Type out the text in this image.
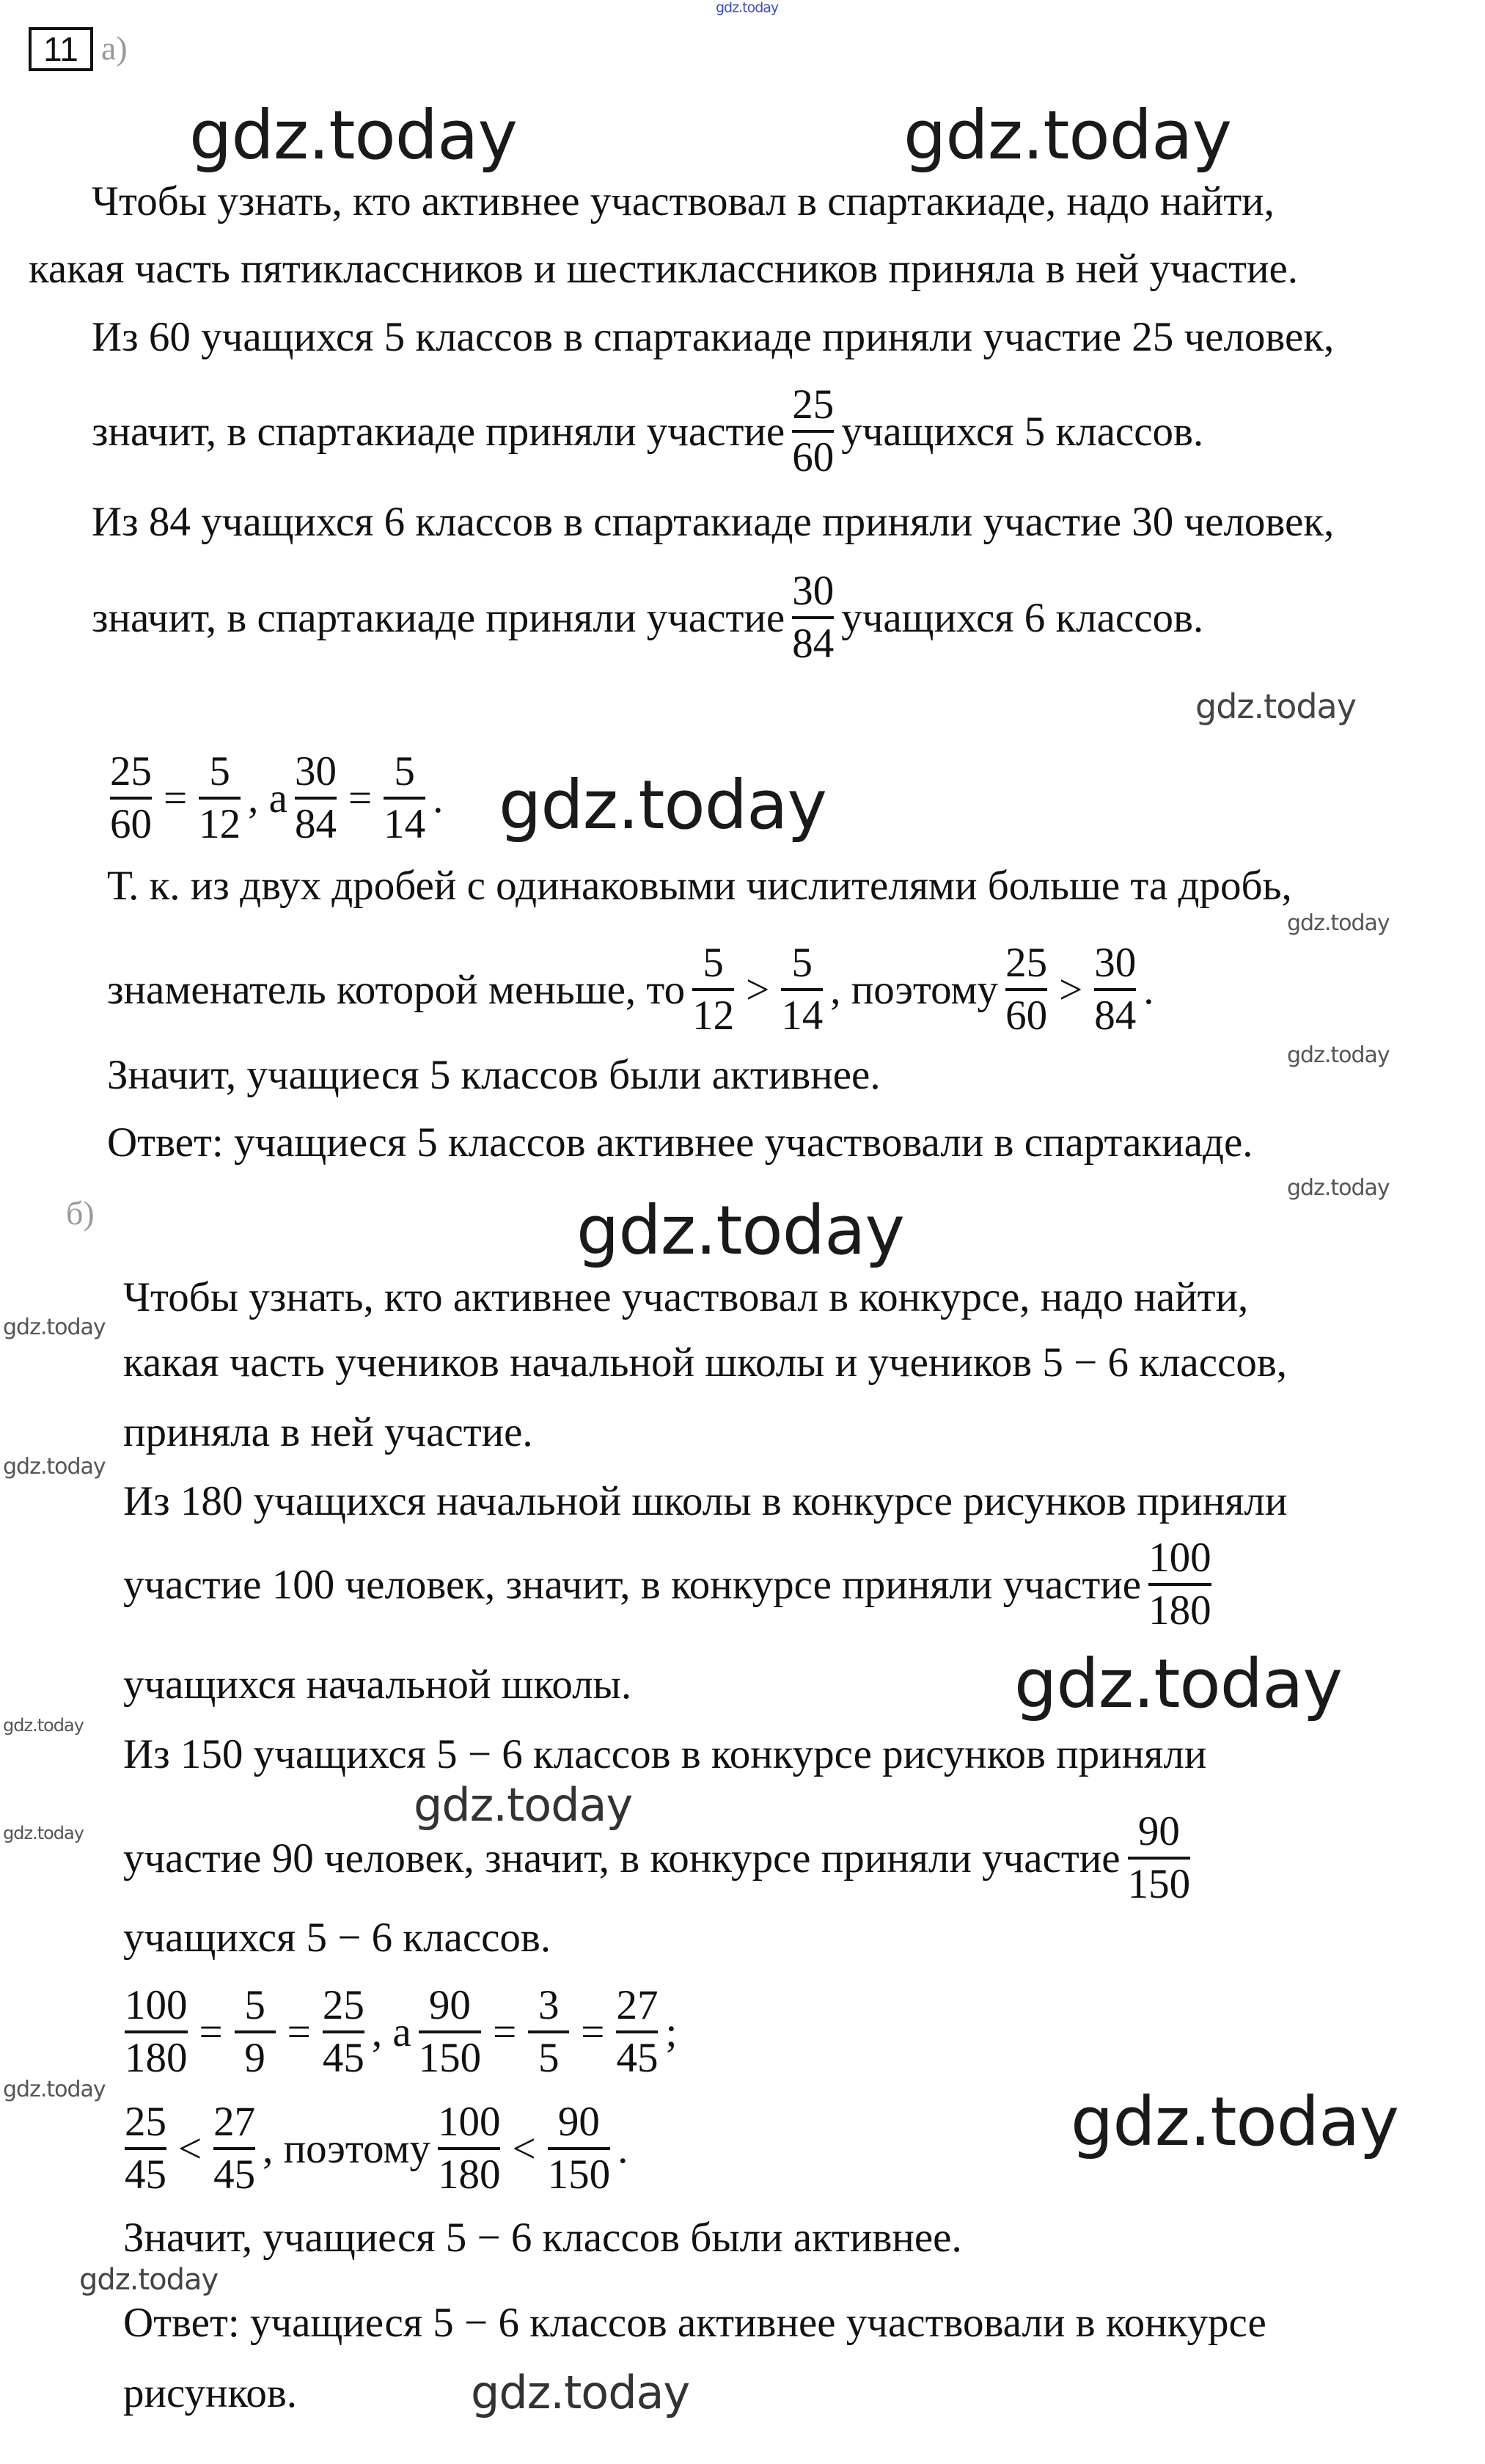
gdz.today
11 а)
Чтобы узнать, кто активнее участвовал в спартакиаде, надо найти,
какая часть пятиклассников и шестиклассников приняла в ней участие.
Из 60 учащихся 5 классов в спартакиаде приняли участие 25 человек,
значит, в спартакиаде приняли участие
25
60
учащихся 5 классов.
Из 84 учащихся 6 классов в спартакиаде приняли участие 30 человек,
значит, в спартакиаде приняли участие
30
84
учащихся 6 классов.
25
60
=
5
12
, а
30
84
=
5
14
.
Т. к. из двух дробей с одинаковыми числителями больше та дробь,
знаменатель которой меньше, то
5
12
>
5
14
, поэтому
25
60
>
30
84
.
Значит, учащиеся 5 классов были активнее.
Ответ: учащиеся 5 классов активнее участвовали в спартакиаде.
б)
Чтобы узнать, кто активнее участвовал в конкурсе, надо найти,
какая часть учеников начальной школы и учеников 5 − 6 классов,
приняла в ней участие.
Из 180 учащихся начальной школы в конкурсе рисунков приняли
участие 100 человек, значит, в конкурсе приняли участие
100
180
учащихся начальной школы.
Из 150 учащихся 5 − 6 классов в конкурсе рисунков приняли
участие 90 человек, значит, в конкурсе приняли участие
90
150
учащихся 5 − 6 классов.
100
180
=
5
9
=
25
45
, а
90
150
=
3
5
=
27
45
;
25
45
<
27
45
, поэтому
100
180
<
90
150
.
Значит, учащиеся 5 − 6 классов были активнее.
Ответ: учащиеся 5 − 6 классов активнее участвовали в конкурсе
рисунков.
gdz.today	gdz.today
gdz.today
gdz.today
gdz.today
gdz.today
gdz.today
gdz.today
gdz.today
gdz.today
gdz.today
gdz.today
gdz.today
gdz.today
gdz.today	gdz.today
gdz.today
gdz.today
